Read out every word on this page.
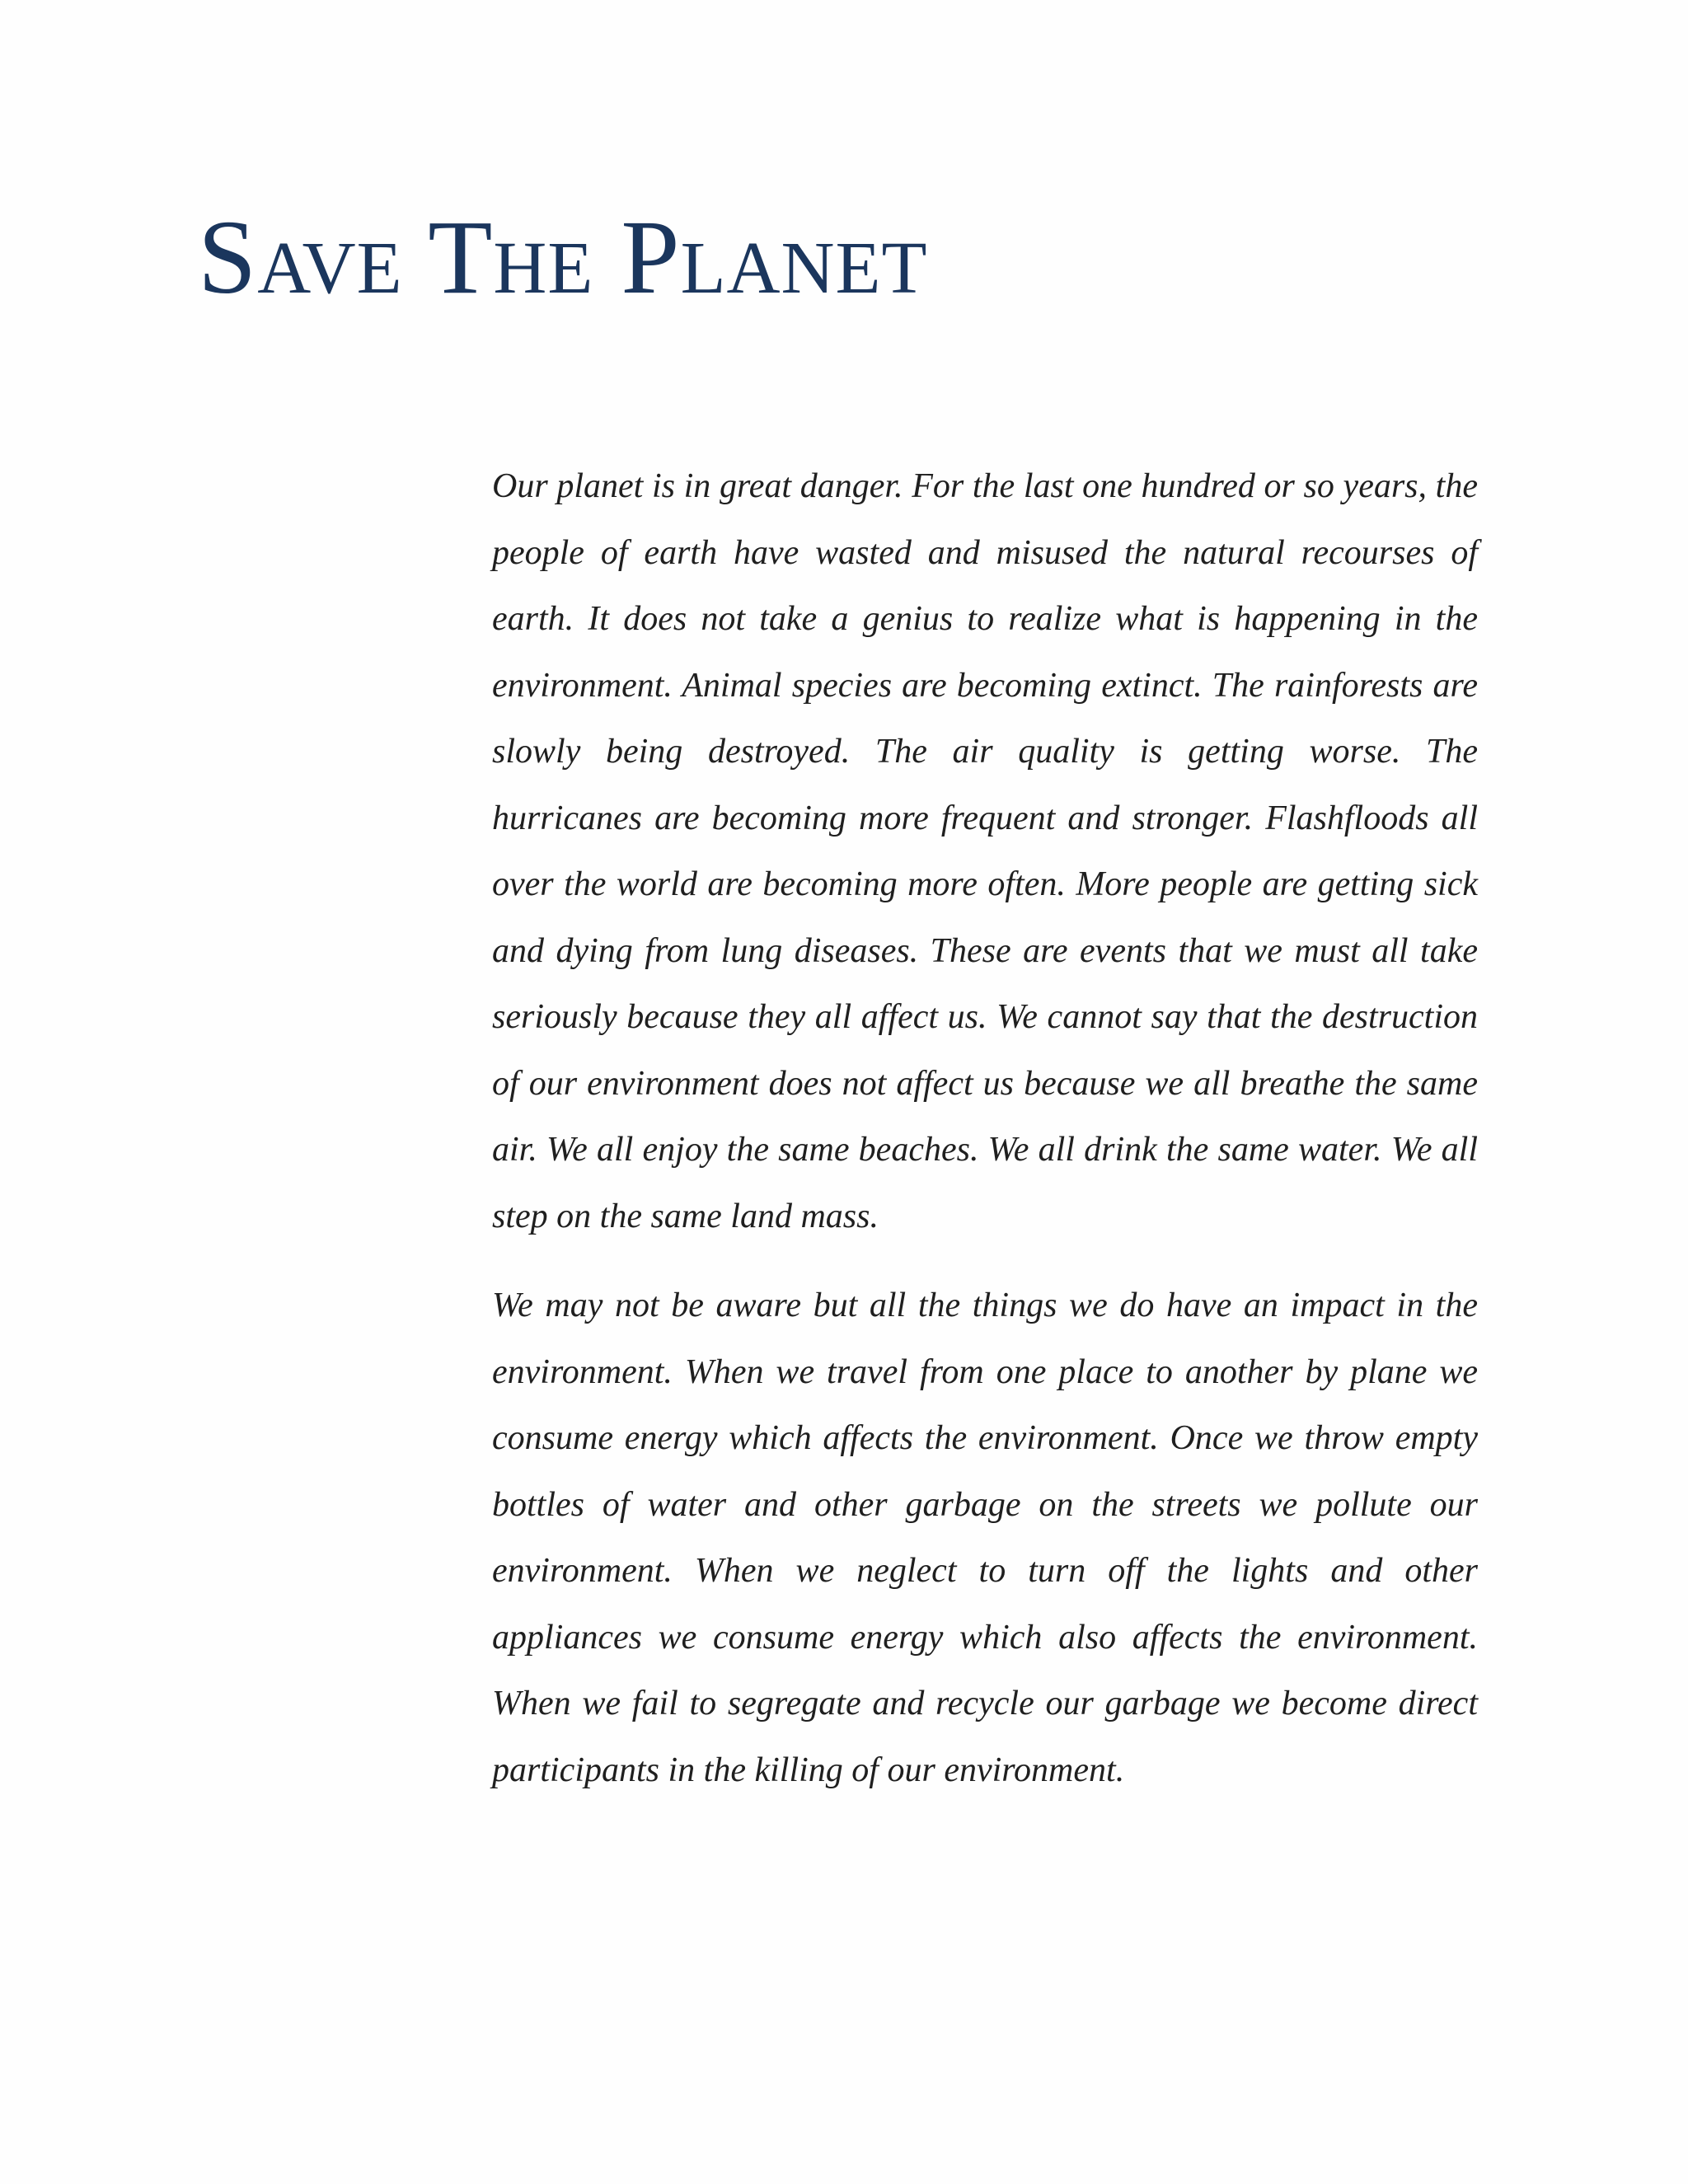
Save The Planet

Our planet is in great danger. For the last one hundred or so years, the people of earth have wasted and misused the natural recourses of earth. It does not take a genius to realize what is happening in the environment. Animal species are becoming extinct. The rainforests are slowly being destroyed. The air quality is getting worse. The hurricanes are becoming more frequent and stronger. Flashfloods all over the world are becoming more often. More people are getting sick and dying from lung diseases. These are events that we must all take seriously because they all affect us. We cannot say that the destruction of our environment does not affect us because we all breathe the same air. We all enjoy the same beaches. We all drink the same water. We all step on the same land mass.

We may not be aware but all the things we do have an impact in the environment. When we travel from one place to another by plane we consume energy which affects the environment. Once we throw empty bottles of water and other garbage on the streets we pollute our environment. When we neglect to turn off the lights and other appliances we consume energy which also affects the environment. When we fail to segregate and recycle our garbage we become direct participants in the killing of our environment.
